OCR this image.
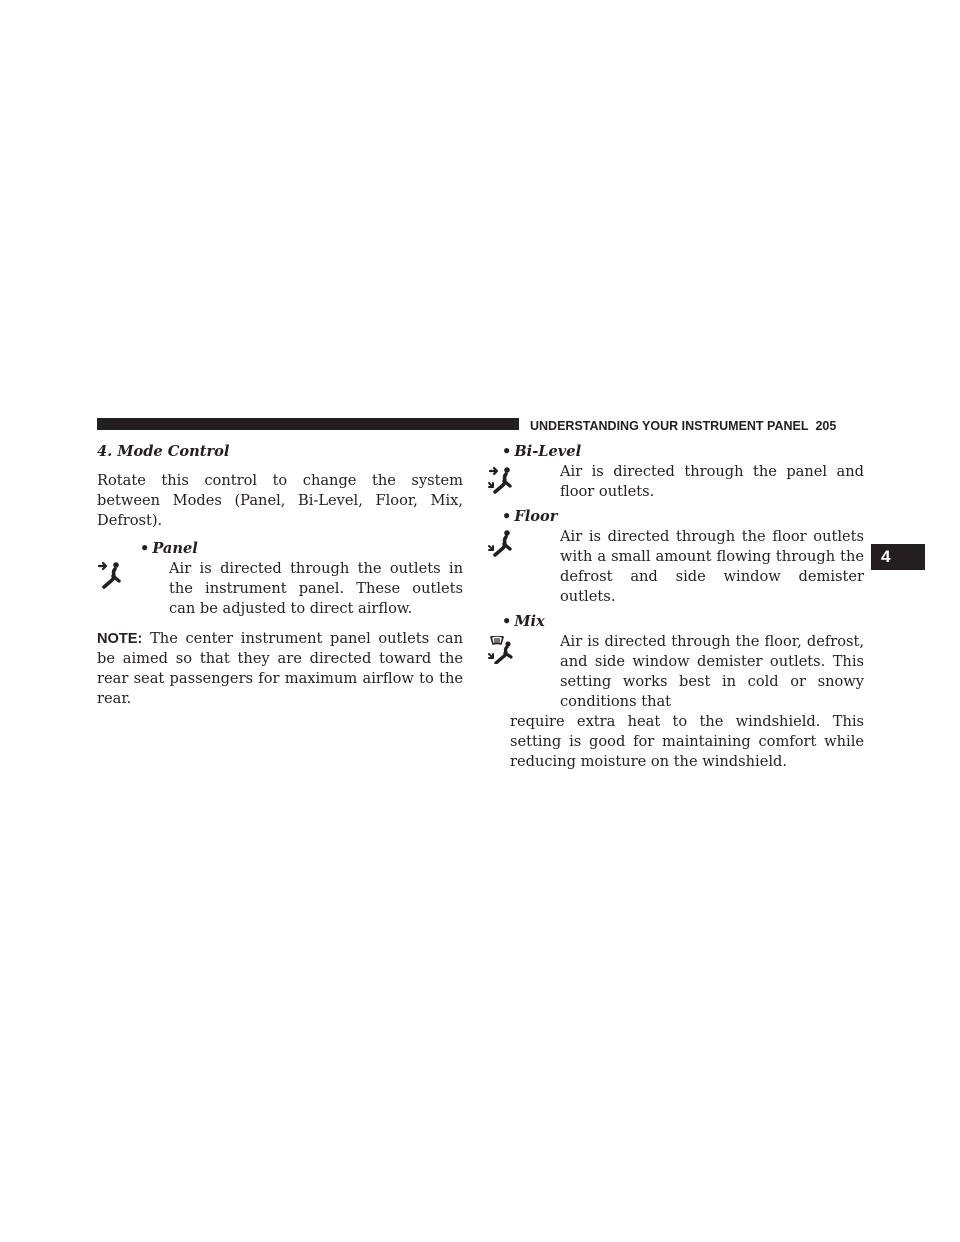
UNDERSTANDING YOUR INSTRUMENT PANEL 205
4

4. Mode Control

Rotate this control to change the system between Modes (Panel, Bi-Level, Floor, Mix, Defrost).

• Panel

Air is directed through the outlets in the instrument panel. These outlets can be adjusted to direct airflow.

NOTE: The center instrument panel outlets can be aimed so that they are directed toward the rear seat passengers for maximum airflow to the rear.

• Bi-Level

Air is directed through the panel and floor outlets.

• Floor

Air is directed through the floor outlets with a small amount flowing through the defrost and side window demister outlets.

• Mix

Air is directed through the floor, defrost, and side window demister outlets. This setting works best in cold or snowy conditions that

require extra heat to the windshield. This setting is good for maintaining comfort while reducing moisture on the windshield.
